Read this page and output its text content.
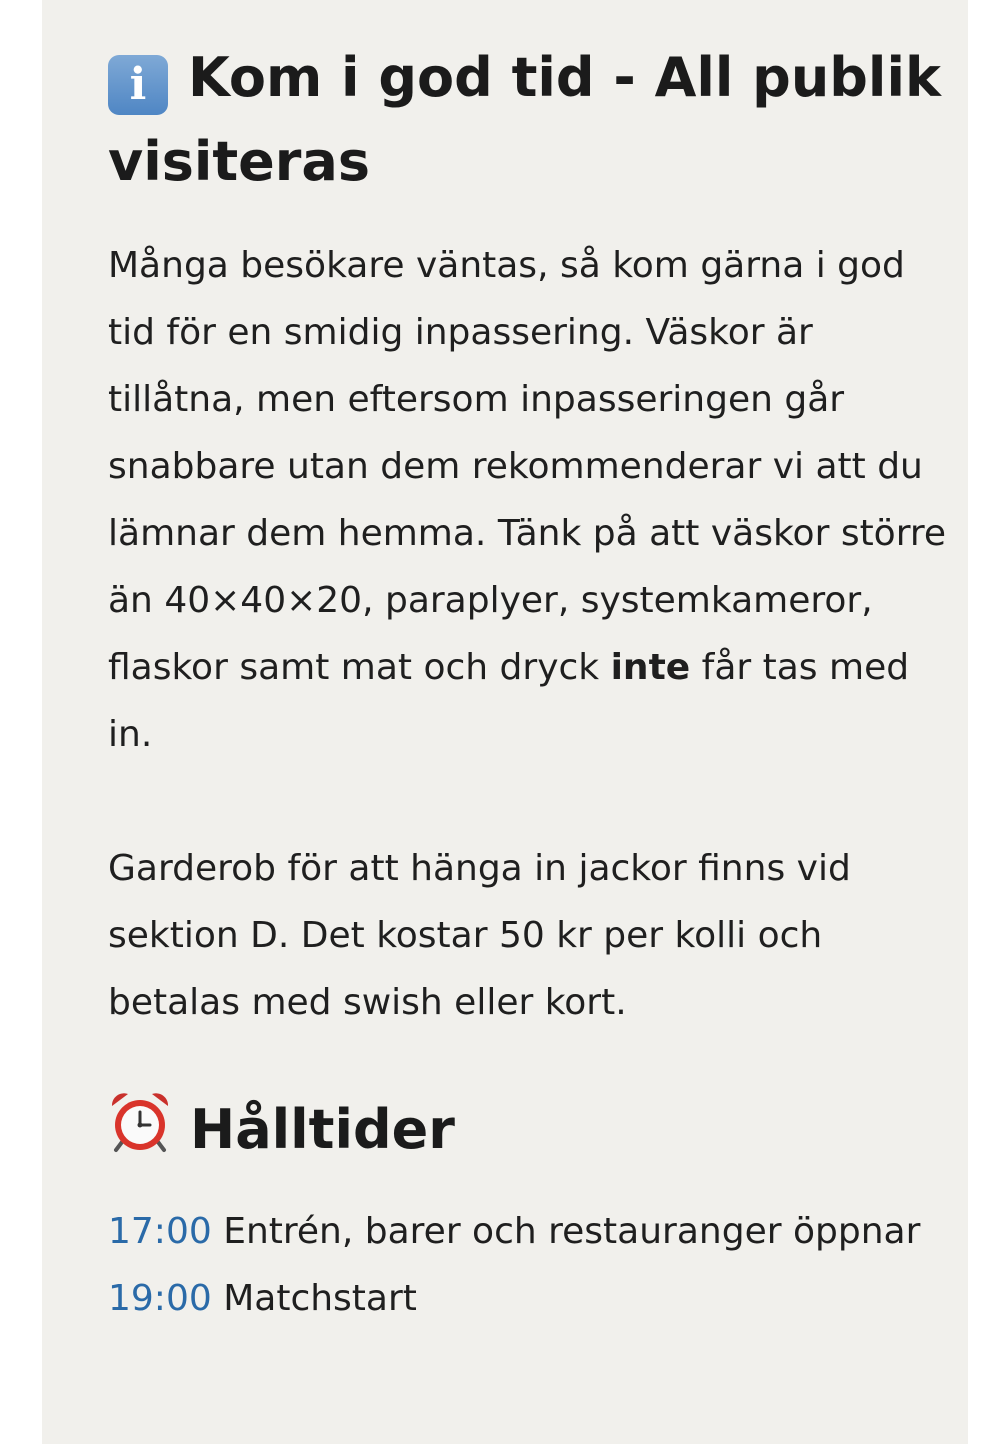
i Kom i god tid - All publik visiteras

Många besökare väntas, så kom gärna i god tid för en smidig inpassering. Väskor är tillåtna, men eftersom inpasseringen går snabbare utan dem rekommenderar vi att du lämnar dem hemma. Tänk på att väskor större än 40×40×20, paraplyer, systemkameror, flaskor samt mat och dryck inte får tas med in.

Garderob för att hänga in jackor finns vid sektion D. Det kostar 50 kr per kolli och betalas med swish eller kort.

Hålltider

17:00 Entrén, barer och restauranger öppnar

19:00 Matchstart
